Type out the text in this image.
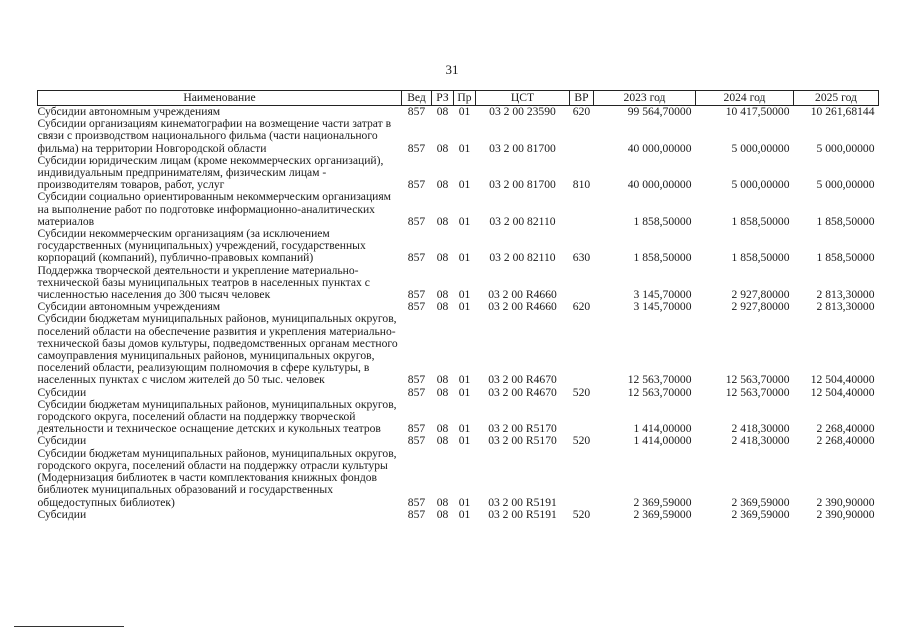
31
Наименование	Вед	РЗ	Пр	ЦСТ	ВР	2023 год	2024 год	2025 год
Субсидии автономным учреждениям	857	08	01	03 2 00 23590	620	99 564,70000	10 417,50000	10 261,68144
Субсидии организациям кинематографии на возмещение части затрат в связи с производством национального фильма (части национального фильма) на территории Новгородской области	857	08	01	03 2 00 81700		40 000,00000	5 000,00000	5 000,00000
Субсидии юридическим лицам (кроме некоммерческих организаций), индивидуальным предпринимателям, физическим лицам - производителям товаров, работ, услуг	857	08	01	03 2 00 81700	810	40 000,00000	5 000,00000	5 000,00000
Субсидии социально ориентированным некоммерческим организациям на выполнение работ по подготовке информационно-аналитических материалов	857	08	01	03 2 00 82110		1 858,50000	1 858,50000	1 858,50000
Субсидии некоммерческим организациям (за исключением государственных (муниципальных) учреждений, государственных корпораций (компаний), публично-правовых компаний)	857	08	01	03 2 00 82110	630	1 858,50000	1 858,50000	1 858,50000
Поддержка творческой деятельности и укрепление материально-технической базы муниципальных театров в населенных пунктах с численностью населения до 300 тысяч человек	857	08	01	03 2 00 R4660		3 145,70000	2 927,80000	2 813,30000
Субсидии автономным учреждениям	857	08	01	03 2 00 R4660	620	3 145,70000	2 927,80000	2 813,30000
Субсидии бюджетам муниципальных районов, муниципальных округов, поселений области на обеспечение развития и укрепления материально-технической базы домов культуры, подведомственных органам местного самоуправления муниципальных районов, муниципальных округов, поселений области, реализующим полномочия в сфере культуры, в населенных пунктах с числом жителей до 50 тыс. человек	857	08	01	03 2 00 R4670		12 563,70000	12 563,70000	12 504,40000
Субсидии	857	08	01	03 2 00 R4670	520	12 563,70000	12 563,70000	12 504,40000
Субсидии бюджетам муниципальных районов, муниципальных округов, городского округа, поселений области на поддержку творческой деятельности и техническое оснащение детских и кукольных театров	857	08	01	03 2 00 R5170		1 414,00000	2 418,30000	2 268,40000
Субсидии	857	08	01	03 2 00 R5170	520	1 414,00000	2 418,30000	2 268,40000
Субсидии бюджетам муниципальных районов, муниципальных округов, городского округа, поселений области на поддержку отрасли культуры (Модернизация библиотек в части комплектования книжных фондов библиотек муниципальных образований и государственных общедоступных библиотек)	857	08	01	03 2 00 R5191		2 369,59000	2 369,59000	2 390,90000
Субсидии	857	08	01	03 2 00 R5191	520	2 369,59000	2 369,59000	2 390,90000
